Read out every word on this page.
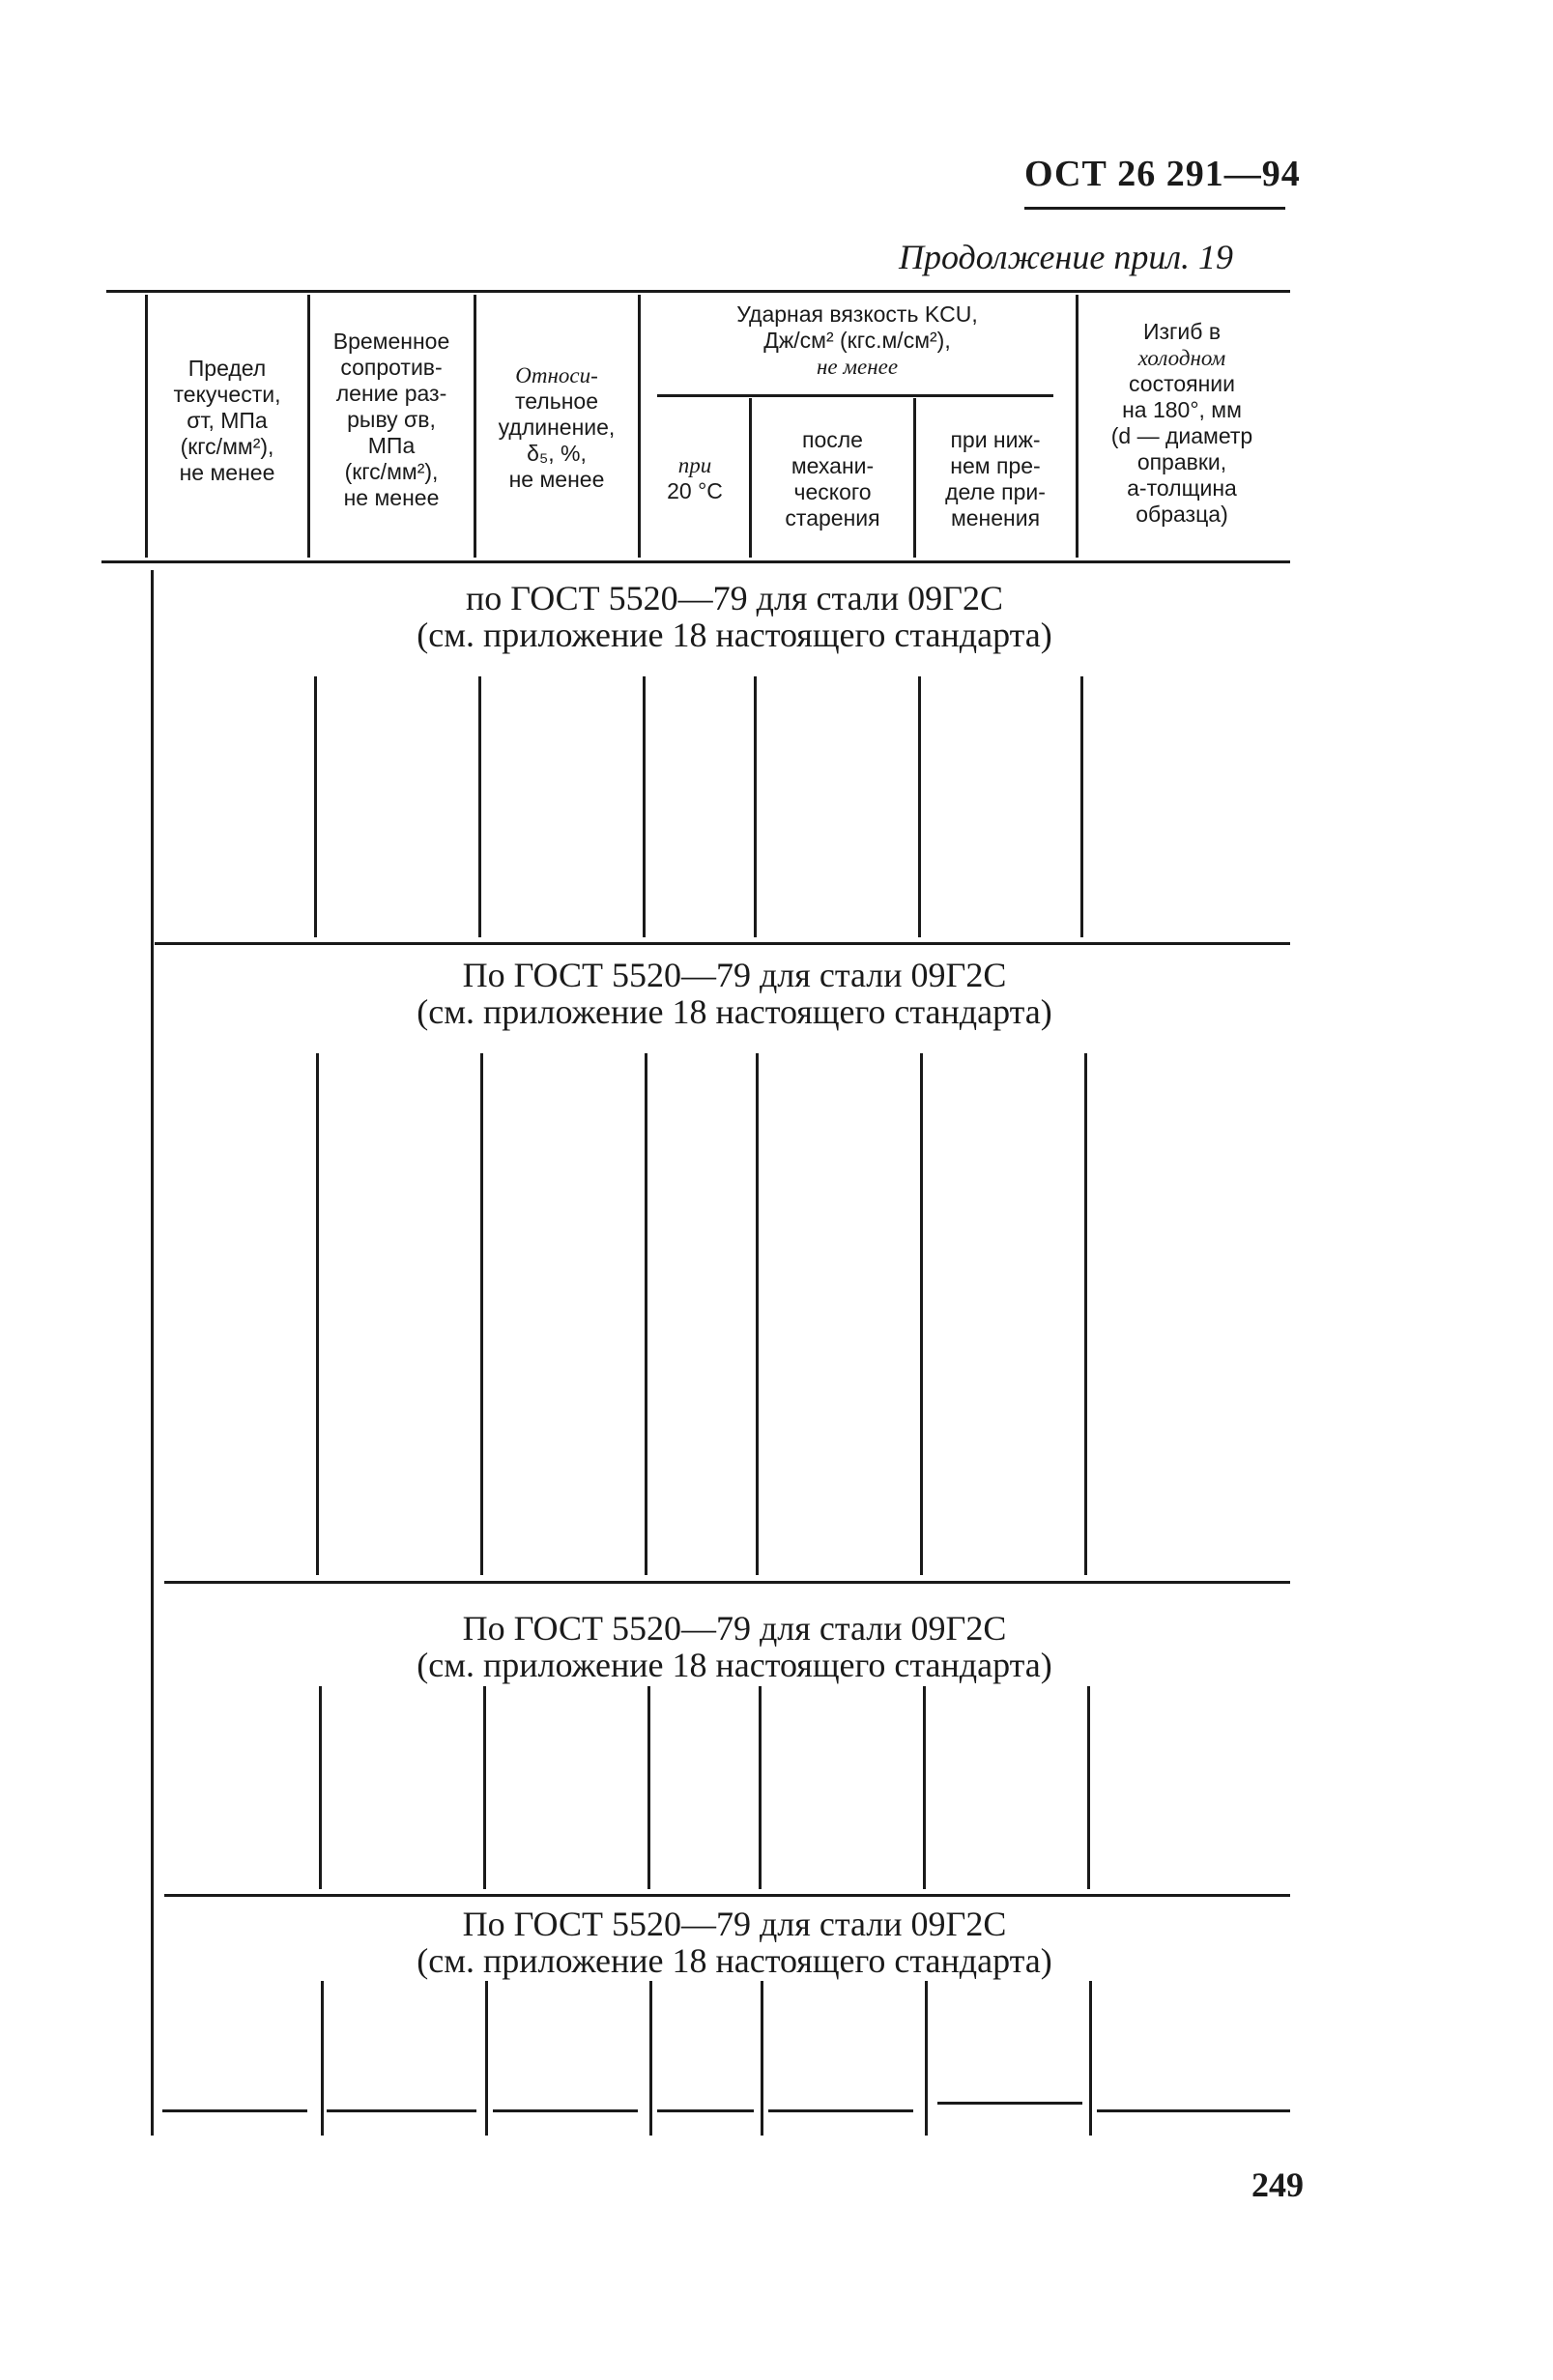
ОСТ 26 291—94
Продолжение прил. 19
Предел
текучести,
σт, МПа
(кгс/мм²),
не менее
Временное
сопротив-
ление раз-
рыву σв,
МПа
(кгс/мм²),
не менее
Относи-
тельное
удлинение,
δ₅, %,
не менее
Ударная вязкость KCU,
Дж/см² (кгс.м/см²),
не менее
при
20 °С
после
механи-
ческого
старения
при ниж-
нем пре-
деле при-
менения
Изгиб в
холодном
состоянии
на 180°, мм
(d — диаметр
оправки,
а-толщина
образца)
по ГОСТ 5520—79 для стали 09Г2С
(см. приложение 18 настоящего стандарта)
По ГОСТ 5520—79 для стали 09Г2С
(см. приложение 18 настоящего стандарта)
По ГОСТ 5520—79 для стали 09Г2С
(см. приложение 18 настоящего стандарта)
По ГОСТ 5520—79 для стали 09Г2С
(см. приложение 18 настоящего стандарта)
249
